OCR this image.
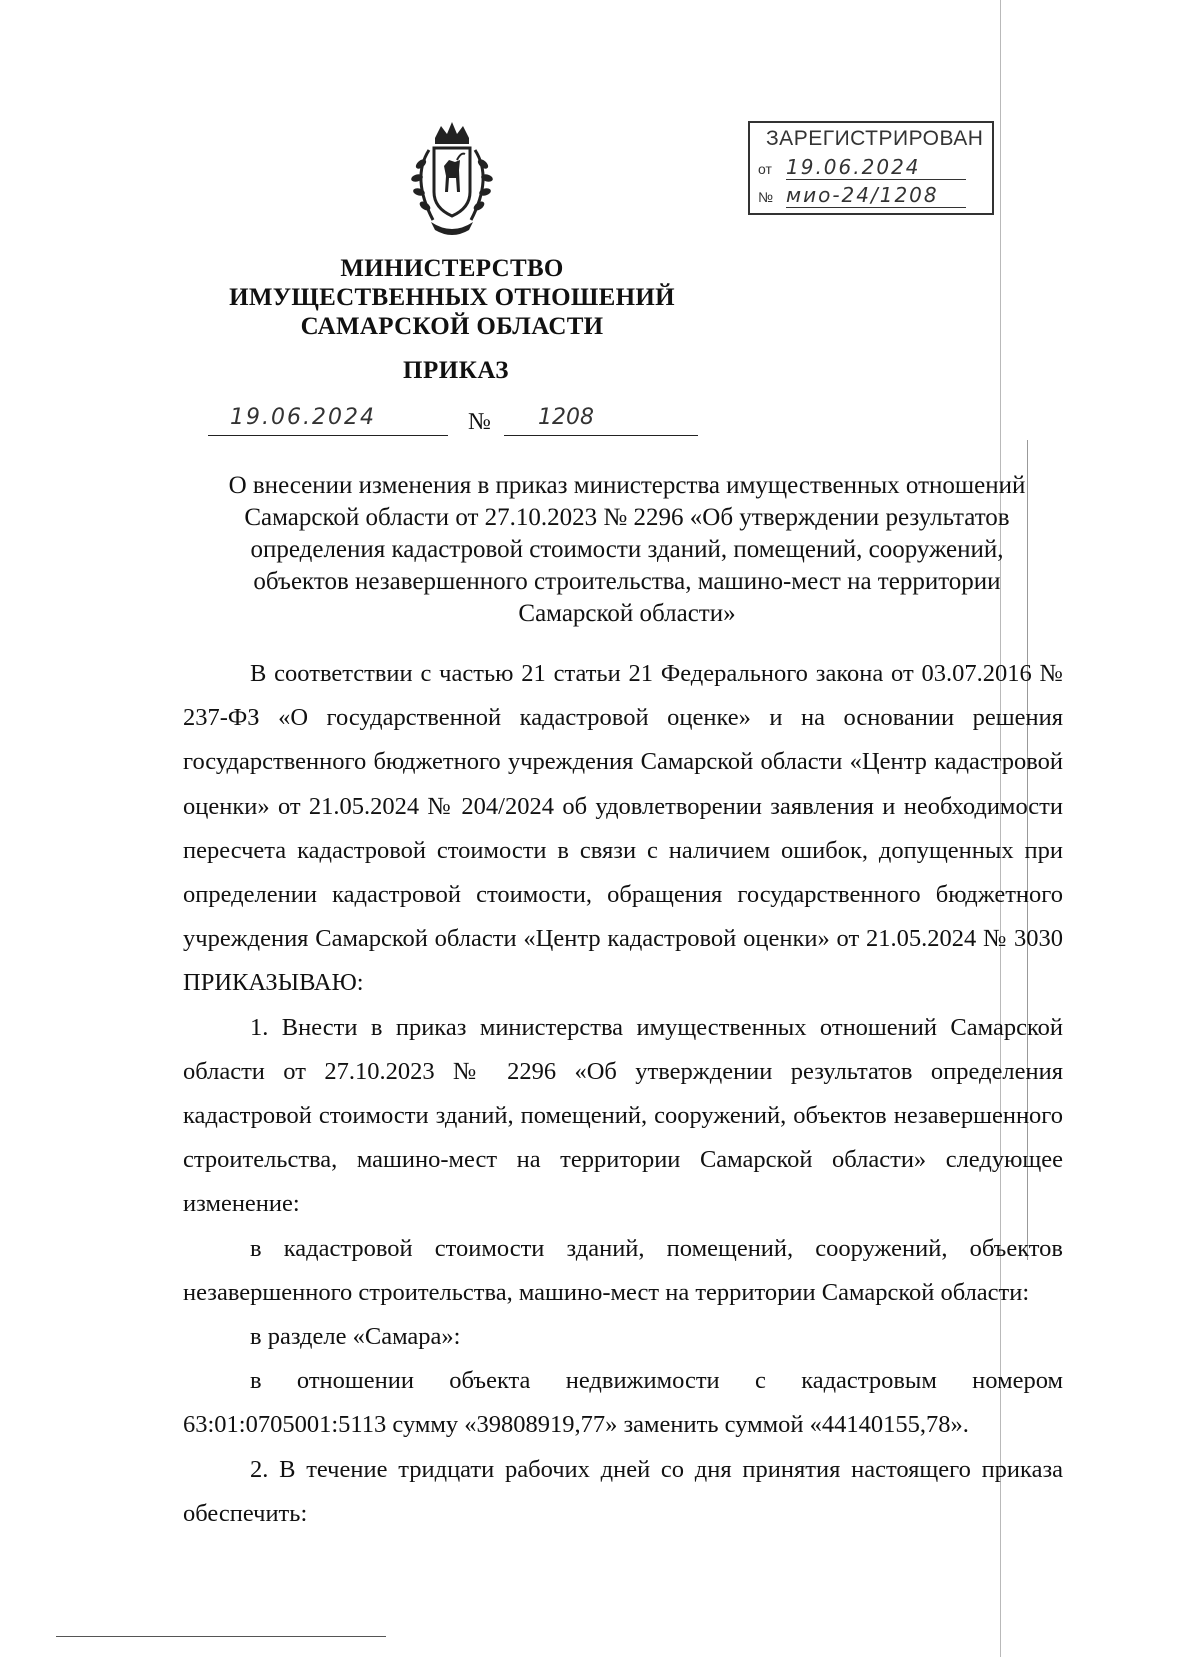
ЗАРЕГИСТРИРОВАН
от 19.06.2024
№ мио-24/1208
МИНИСТЕРСТВО
ИМУЩЕСТВЕННЫХ ОТНОШЕНИЙ
САМАРСКОЙ ОБЛАСТИ
ПРИКАЗ
19.06.2024	№ 1208
О внесении изменения в приказ министерства имущественных отношений
Самарской области от 27.10.2023 № 2296 «Об утверждении результатов
определения кадастровой стоимости зданий, помещений, сооружений,
объектов незавершенного строительства, машино-мест на территории
Самарской области»

В соответствии с частью 21 статьи 21 Федерального закона от 03.07.2016 № 237-ФЗ «О государственной кадастровой оценке» и на основании решения государственного бюджетного учреждения Самарской области «Центр кадастровой оценки» от 21.05.2024 № 204/2024 об удовлетворении заявления и необходимости пересчета кадастровой стоимости в связи с наличием ошибок, допущенных при определении кадастровой стоимости, обращения государственного бюджетного учреждения Самарской области «Центр кадастровой оценки» от 21.05.2024 № 3030 ПРИКАЗЫВАЮ:

1. Внести в приказ министерства имущественных отношений Самарской области от 27.10.2023 № 2296 «Об утверждении результатов определения кадастровой стоимости зданий, помещений, сооружений, объектов незавершенного строительства, машино-мест на территории Самарской области» следующее изменение:

в кадастровой стоимости зданий, помещений, сооружений, объектов незавершенного строительства, машино-мест на территории Самарской области:

в разделе «Самара»:

в отношении объекта недвижимости с кадастровым номером 63:01:0705001:5113 сумму «39808919,77» заменить суммой «44140155,78».

2. В течение тридцати рабочих дней со дня принятия настоящего приказа обеспечить:
